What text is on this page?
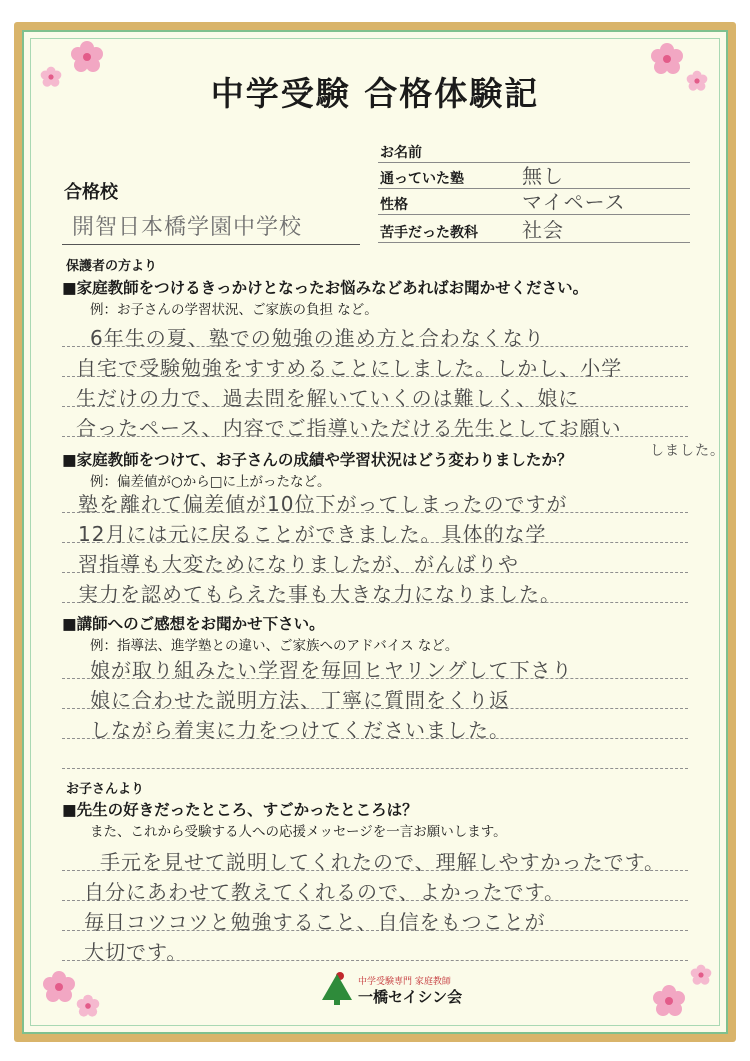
中学受験 合格体験記
合格校
開智日本橋学園中学校
お名前
通っていた塾	無し
性格	マイペース
苦手だった教科 社会
保護者の方より
■家庭教師をつけるきっかけとなったお悩みなどあればお聞かせください。
例：お子さんの学習状況、ご家族の負担 など。
6年生の夏、塾での勉強の進め方と合わなくなり
自宅で受験勉強をすすめることにしました。しかし、小学
生だけの力で、過去問を解いていくのは難しく、娘に
合ったペース、内容でご指導いただける先生としてお願い
しました。
■家庭教師をつけて、お子さんの成績や学習状況はどう変わりましたか？
例：偏差値が○から□に上がったなど。
塾を離れて偏差値が10位下がってしまったのですが
12月には元に戻ることができました。具体的な学
習指導も大変ためになりましたが、がんばりや
実力を認めてもらえた事も大きな力になりました。
■講師へのご感想をお聞かせ下さい。
例：指導法、進学塾との違い、ご家族へのアドバイス など。
娘が取り組みたい学習を毎回ヒヤリングして下さり
娘に合わせた説明方法、丁寧に質問をくり返
しながら着実に力をつけてくださいました。
お子さんより
■先生の好きだったところ、すごかったところは？
また、これから受験する人への応援メッセージを一言お願いします。
手元を見せて説明してくれたので、理解しやすかったです。
自分にあわせて教えてくれるので、よかったです。
毎日コツコツと勉強すること、自信をもつことが
大切です。
中学受験専門 家庭教師
一橋セイシン会
